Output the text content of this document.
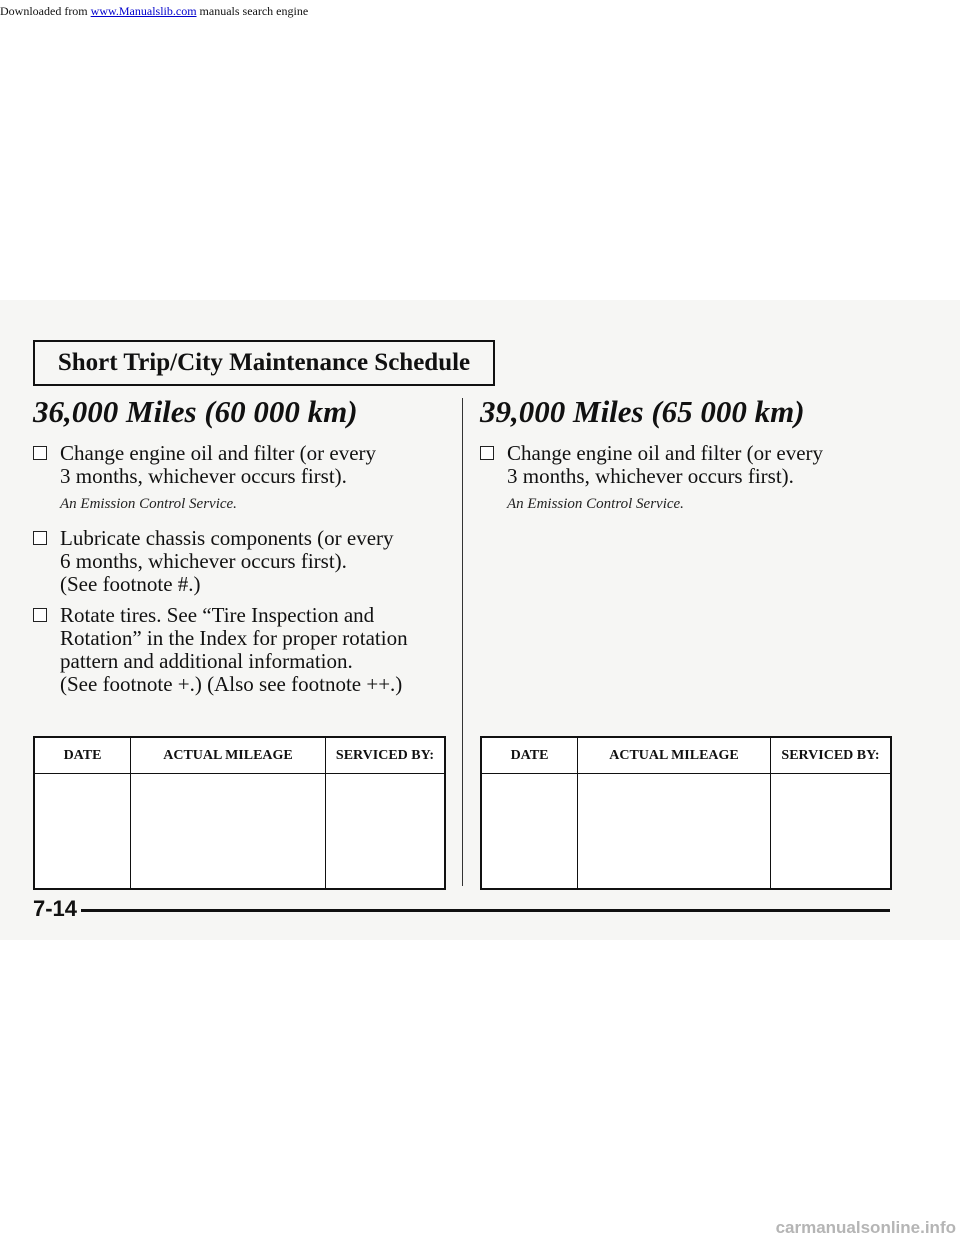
Downloaded from www.Manualslib.com manuals search engine
Short Trip/City Maintenance Schedule
36,000 Miles (60 000 km)
Change engine oil and filter (or every
3 months, whichever occurs first).
An Emission Control Service.
Lubricate chassis components (or every
6 months, whichever occurs first).
(See footnote #.)
Rotate tires. See “Tire Inspection and
Rotation” in the Index for proper rotation
pattern and additional information.
(See footnote +.) (Also see footnote ++.)
39,000 Miles (65 000 km)
Change engine oil and filter (or every
3 months, whichever occurs first).
An Emission Control Service.
DATE	ACTUAL MILEAGE	SERVICED BY:	DATE	ACTUAL MILEAGE	SERVICED BY:
7-14
carmanualsonline.info
